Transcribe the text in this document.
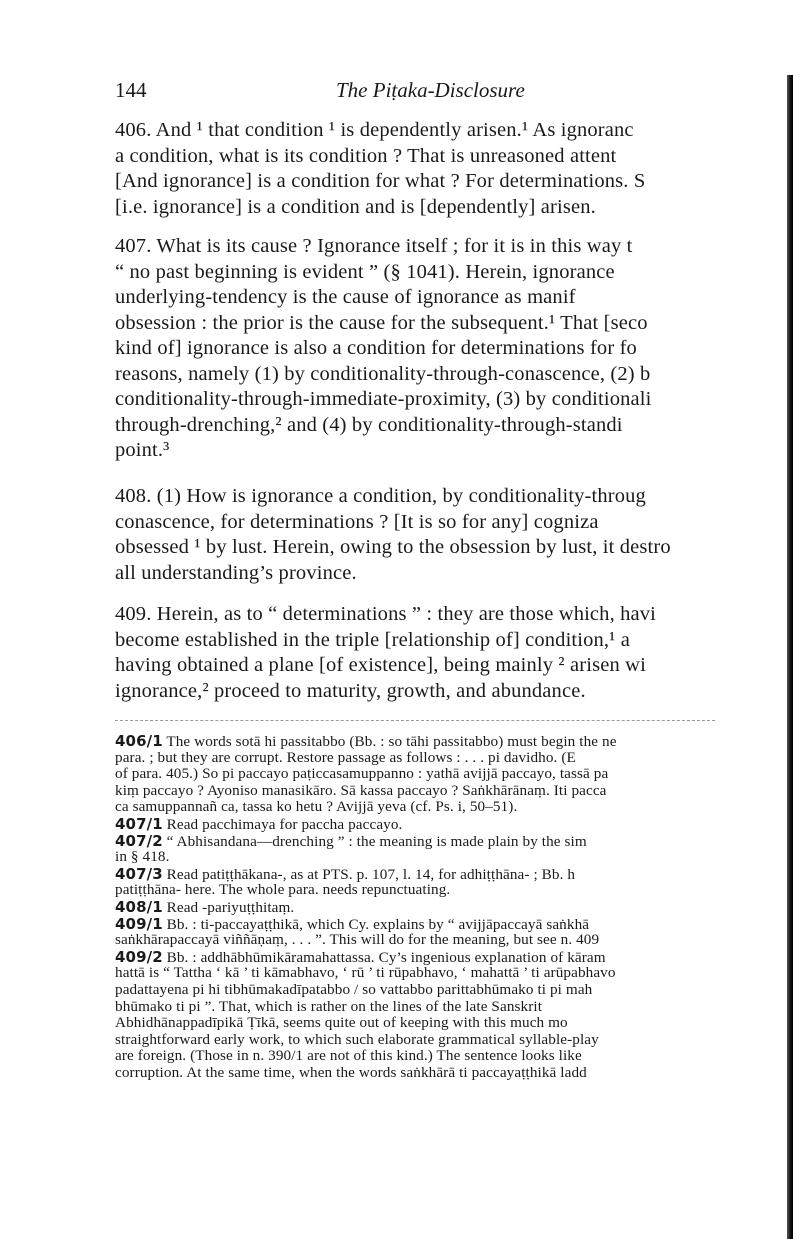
144	The Piṭaka-Disclosure
406. And ¹ that condition ¹ is dependently arisen.¹ As ignoranc
a condition, what is its condition ? That is unreasoned attent
[And ignorance] is a condition for what ? For determinations. S
[i.e. ignorance] is a condition and is [dependently] arisen.
407. What is its cause ? Ignorance itself ; for it is in this way t
“ no past beginning is evident ” (§ 1041). Herein, ignorance
underlying-tendency is the cause of ignorance as manif
obsession : the prior is the cause for the subsequent.¹ That [seco
kind of] ignorance is also a condition for determinations for fo
reasons, namely (1) by conditionality-through-conascence, (2) b
conditionality-through-immediate-proximity, (3) by conditionali
through-drenching,² and (4) by conditionality-through-standi
point.³
408. (1) How is ignorance a condition, by conditionality-throug
conascence, for determinations ? [It is so for any] cogniza
obsessed ¹ by lust. Herein, owing to the obsession by lust, it destro
all understanding’s province.
409. Herein, as to “ determinations ” : they are those which, havi
become established in the triple [relationship of] condition,¹ a
having obtained a plane [of existence], being mainly ² arisen wi
ignorance,² proceed to maturity, growth, and abundance.
406/1 The words sotā hi passitabbo (Bb. : so tāhi passitabbo) must begin the ne
para. ; but they are corrupt. Restore passage as follows : . . . pi davidho. (E
of para. 405.) So pi paccayo paṭiccasamuppanno : yathā avijjā paccayo, tassā pa
kiṃ paccayo ? Ayoniso manasikāro. Sā kassa paccayo ? Saṅkhārānaṃ. Iti pacca
ca samuppannañ ca, tassa ko hetu ? Avijjā yeva (cf. Ps. i, 50–51).
407/1 Read pacchimaya for paccha paccayo.
407/2 “ Abhisandana—drenching ” : the meaning is made plain by the sim
in § 418.
407/3 Read patiṭṭhākana-, as at PTS. p. 107, l. 14, for adhiṭṭhāna- ; Bb. h
patiṭṭhāna- here. The whole para. needs repunctuating.
408/1 Read -pariyuṭṭhitaṃ.
409/1 Bb. : ti-paccayaṭṭhikā, which Cy. explains by “ avijjāpaccayā saṅkhā
saṅkhārapaccayā viññāṇaṃ, . . . ”. This will do for the meaning, but see n. 409
409/2 Bb. : addhābhūmikāramahattassa. Cy’s ingenious explanation of kāram
hattā is “ Tattha ‘ kā ’ ti kāmabhavo, ‘ rū ’ ti rūpabhavo, ‘ mahattā ’ ti arūpabhavo
padattayena pi hi tibhūmakadīpatabbo / so vattabbo parittabhūmako ti pi mah
bhūmako ti pi ”. That, which is rather on the lines of the late Sanskrit
Abhidhānappadīpikā Ṭīkā, seems quite out of keeping with this much mo
straightforward early work, to which such elaborate grammatical syllable-play
are foreign. (Those in n. 390/1 are not of this kind.) The sentence looks like
corruption. At the same time, when the words saṅkhārā ti paccayaṭṭhikā ladd
